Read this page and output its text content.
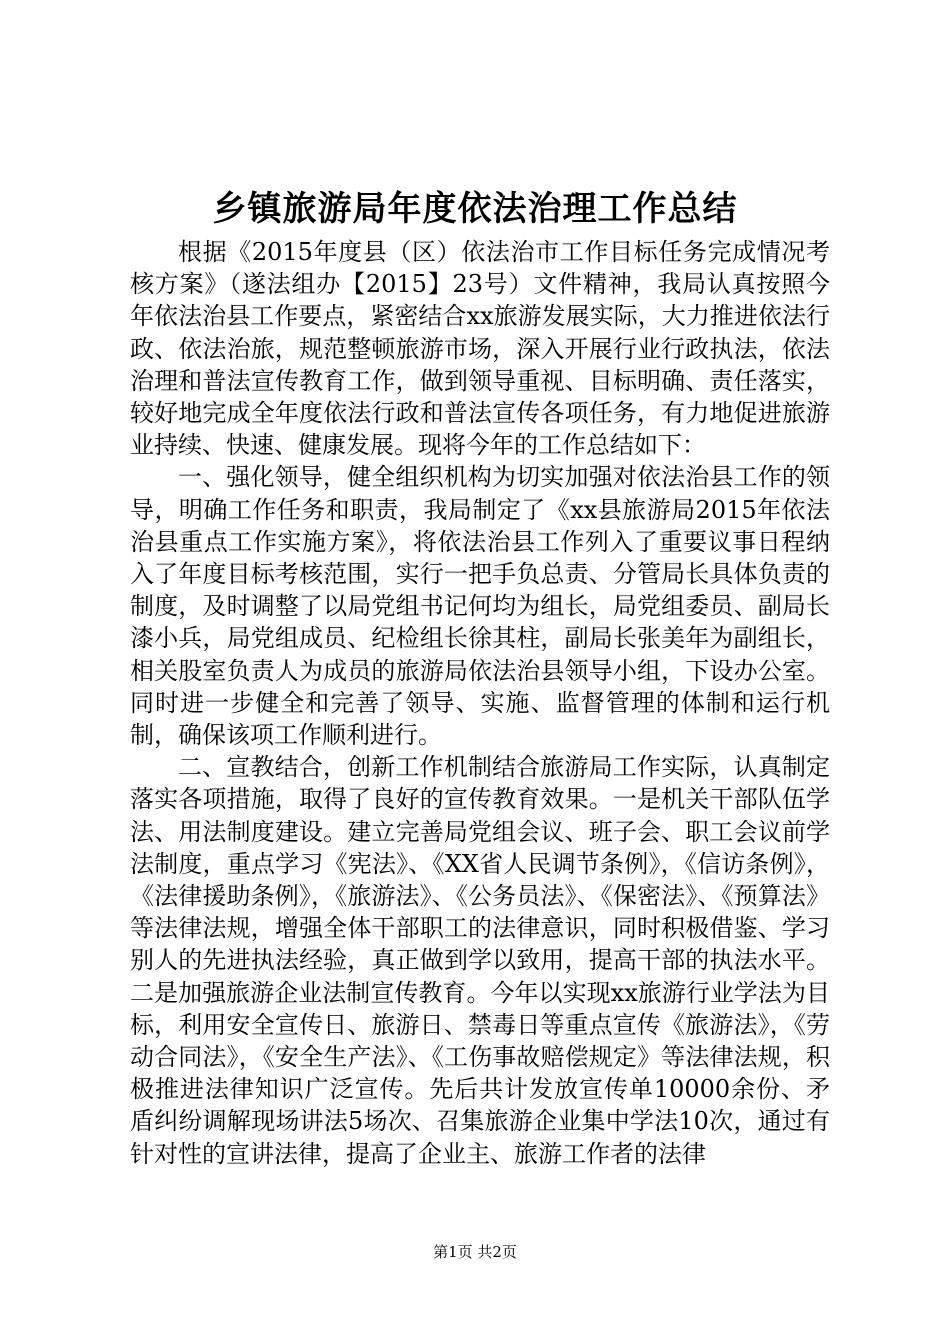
乡镇旅游局年度依法治理工作总结

根据《2015年度县（区）依法治市工作目标任务完成情况考核方案》（遂法组办【2015】23号）文件精神，我局认真按照今年依法治县工作要点，紧密结合xx旅游发展实际，大力推进依法行政、依法治旅，规范整顿旅游市场，深入开展行业行政执法，依法治理和普法宣传教育工作，做到领导重视、目标明确、责任落实，较好地完成全年度依法行政和普法宣传各项任务，有力地促进旅游业持续、快速、健康发展。现将今年的工作总结如下：

一、强化领导，健全组织机构为切实加强对依法治县工作的领导，明确工作任务和职责，我局制定了《xx县旅游局2015年依法治县重点工作实施方案》，将依法治县工作列入了重要议事日程纳入了年度目标考核范围，实行一把手负总责、分管局长具体负责的制度，及时调整了以局党组书记何均为组长，局党组委员、副局长漆小兵，局党组成员、纪检组长徐其柱，副局长张美年为副组长，相关股室负责人为成员的旅游局依法治县领导小组，下设办公室。同时进一步健全和完善了领导、实施、监督管理的体制和运行机制，确保该项工作顺利进行。

二、宣教结合，创新工作机制结合旅游局工作实际，认真制定落实各项措施，取得了良好的宣传教育效果。一是机关干部队伍学法、用法制度建设。建立完善局党组会议、班子会、职工会议前学法制度，重点学习《宪法》、《XX省人民调节条例》，《信访条例》，《法律援助条例》，《旅游法》、《公务员法》、《保密法》、《预算法》等法律法规，增强全体干部职工的法律意识，同时积极借鉴、学习别人的先进执法经验，真正做到学以致用，提高干部的执法水平。二是加强旅游企业法制宣传教育。今年以实现xx旅游行业学法为目标，利用安全宣传日、旅游日、禁毒日等重点宣传《旅游法》，《劳动合同法》，《安全生产法》、《工伤事故赔偿规定》等法律法规，积极推进法律知识广泛宣传。先后共计发放宣传单10000余份、矛盾纠纷调解现场讲法5场次、召集旅游企业集中学法10次，通过有针对性的宣讲法律，提高了企业主、旅游工作者的法律

第1页 共2页
